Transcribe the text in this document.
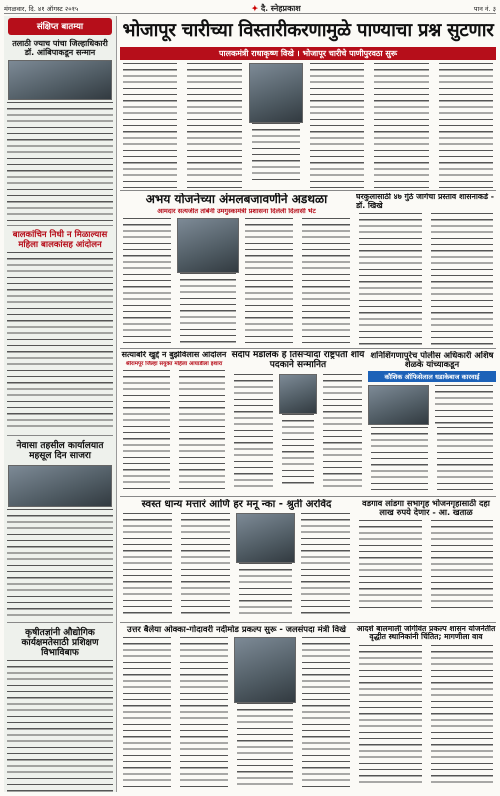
मंगळवार, दि. ४१ ऑगस्ट २०१५	✦ दै. स्नेहप्रकाश	पान नं. ३
संक्षिप्त बातम्या
तलाठी ज्याच पांचा जिल्हाधिकारी डॉ. आंबिपाकडून सन्मान
बालकांचिन निधी न मिळाल्यास महिला बालकांसह आंदोलन
नेवासा तहसील कार्यालयात महसूल दिन साजरा
कृषीतज्ञांनी औद्योगिक कार्यक्षमतेसाठी प्रशिक्षण विभाविबाफ
भोजापूर चारीच्या विस्तारीकरणामुळे पाण्याचा प्रश्न सुटणार
पालकमंत्री राधाकृष्ण विखे । भोजापूर चारीचे पाणीपुरवठा सुरू
अभय योजनेच्या अंमलबजावणीने अडथळा
आमदार सत्यजीत तांबेंनी उमगुस्कामंत्री प्रशासना दिलेली दिलासी भेट
घरकुलासाठी ४७ गुंठे जागेचा प्रस्ताव शासनाकडे - डॉ. खिखे
सत्याबोरे खुद्दे न बुर्झविलास आंदोलन
श्रीरामपूर जिल्हा संयुक्त महिला आघाडीला इशारा
संदीप मंडलिक हे तिसऱ्यांदा राष्ट्रपती शौर्य पदकाने सन्मानित
शनिशिंगणापुरेच पोलीस अधिकारी अशिष शेळके यांच्याकडून
कौशिक ऑफिसेलाल धडाकेबाज कारवाई
स्वस्त धान्य मत्तारं आणि हर मनू न्का - श्रुती अरविंद	वडगाव लांडगा सभागृह भोजनगृहासाठी दहा लाख रुपये देणार - आ. खताळ
उत्तर बैलेया ओक्का-गोदावरी नदीमोड प्रकल्प सुरू - जलसंपदा मंत्री विखे	आदर्श बालमाली जोगीवंत प्रकल्प शासन योजनेतीत वृद्धीत स्थानिकांनी चिंतित; मागणीला वाव
